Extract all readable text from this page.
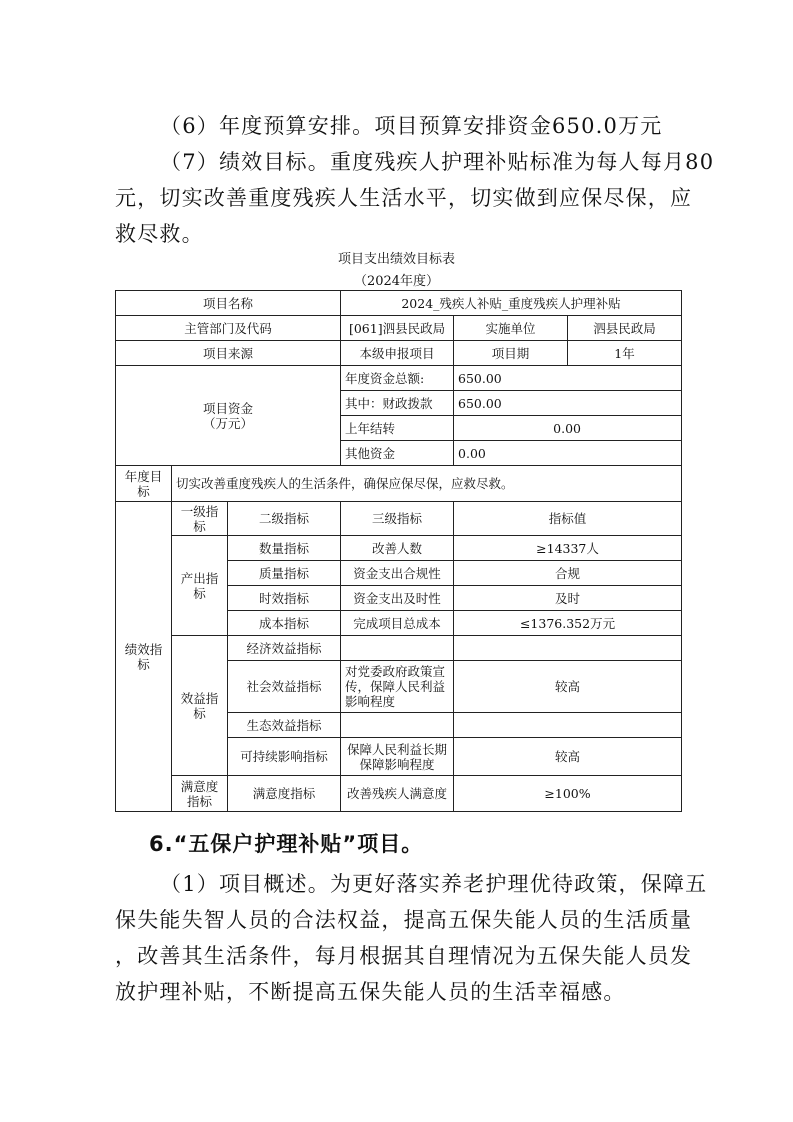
（6）年度预算安排。项目预算安排资金650.0万元
（7）绩效目标。重度残疾人护理补贴标准为每人每月80
元，切实改善重度残疾人生活水平，切实做到应保尽保，应
救尽救。
项目支出绩效目标表
（2024年度）
项目名称			2024_残疾人补贴_重度残疾人护理补贴		
主管部门及代码			[061]泗县民政局	实施单位	泗县民政局
项目来源			本级申报项目	项目期	1年
项目资金
（万元）			年度资金总额:	650.00	
			其中：财政拨款	650.00	
			上年结转	0.00	
			其他资金	0.00	
年度目标	切实改善重度残疾人的生活条件，确保应保尽保，应救尽救。				
绩效指标	一级指标	二级指标	三级指标	指标值	
	产出指标	数量指标	改善人数	≥14337人	
		质量指标	资金支出合规性	合规	
		时效指标	资金支出及时性	及时	
		成本指标	完成项目总成本	≤1376.352万元	
	效益指标	经济效益指标			
		社会效益指标	对党委政府政策宣传，保障人民利益影响程度	较高	
		生态效益指标			
		可持续影响指标	保障人民利益长期保障影响程度	较高	
	满意度指标	满意度指标	改善残疾人满意度	≥100%	
6.“五保户护理补贴”项目。
（1）项目概述。为更好落实养老护理优待政策，保障五
保失能失智人员的合法权益，提高五保失能人员的生活质量
，改善其生活条件，每月根据其自理情况为五保失能人员发
放护理补贴，不断提高五保失能人员的生活幸福感。
